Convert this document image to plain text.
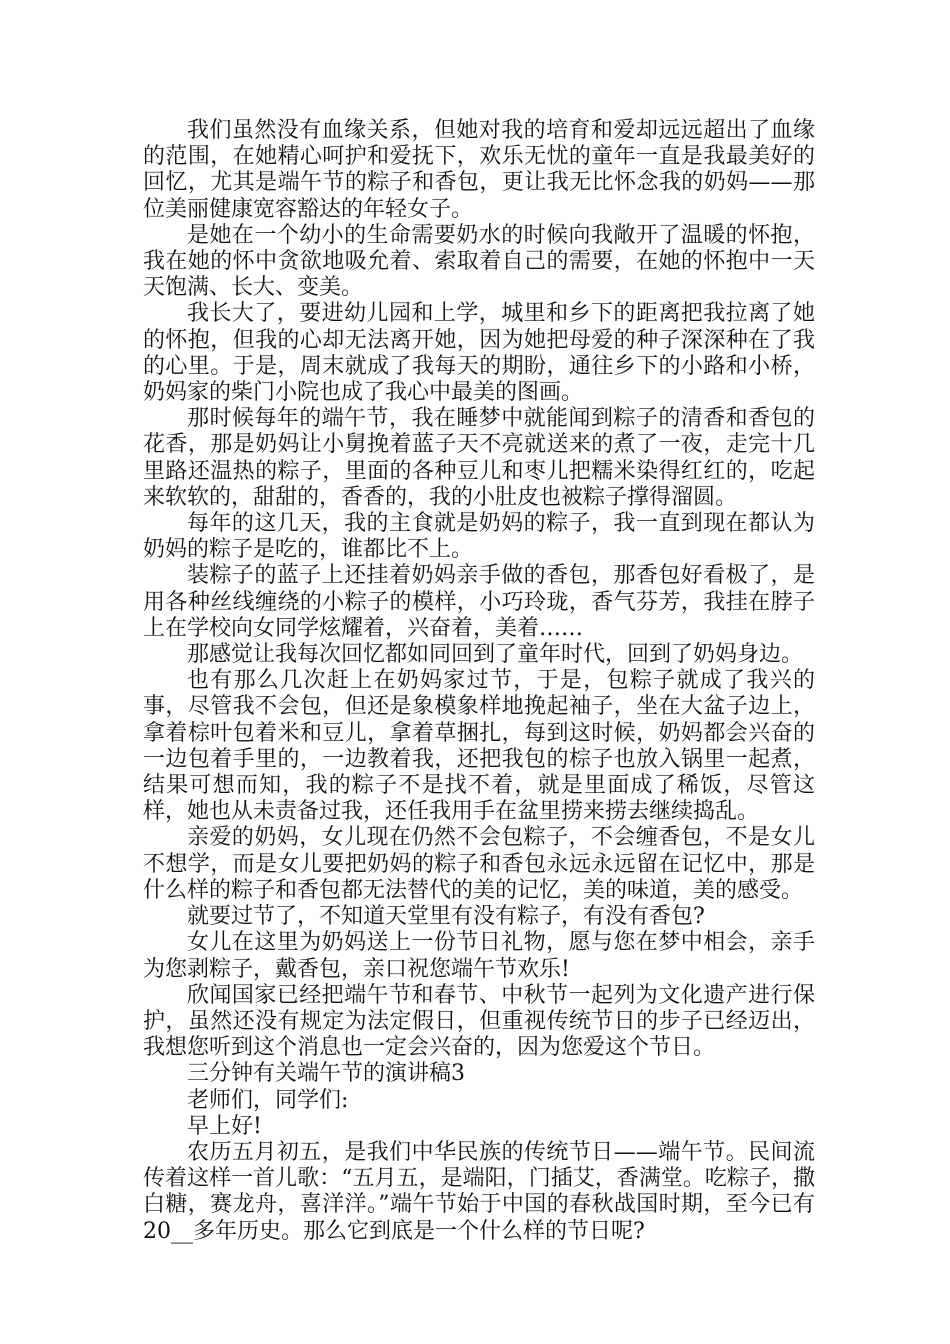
我们虽然没有血缘关系，但她对我的培育和爱却远远超出了血缘的范围，在她精心呵护和爱抚下，欢乐无忧的童年一直是我最美好的回忆，尤其是端午节的粽子和香包，更让我无比怀念我的奶妈——那位美丽健康宽容豁达的年轻女子。

是她在一个幼小的生命需要奶水的时候向我敞开了温暖的怀抱，我在她的怀中贪欲地吸允着、索取着自己的需要，在她的怀抱中一天天饱满、长大、变美。

我长大了，要进幼儿园和上学，城里和乡下的距离把我拉离了她的怀抱，但我的心却无法离开她，因为她把母爱的种子深深种在了我的心里。于是，周末就成了我每天的期盼，通往乡下的小路和小桥，奶妈家的柴门小院也成了我心中最美的图画。

那时候每年的端午节，我在睡梦中就能闻到粽子的清香和香包的花香，那是奶妈让小舅挽着蓝子天不亮就送来的煮了一夜，走完十几里路还温热的粽子，里面的各种豆儿和枣儿把糯米染得红红的，吃起来软软的，甜甜的，香香的，我的小肚皮也被粽子撑得溜圆。

每年的这几天，我的主食就是奶妈的粽子，我一直到现在都认为奶妈的粽子是吃的，谁都比不上。

装粽子的蓝子上还挂着奶妈亲手做的香包，那香包好看极了，是用各种丝线缠绕的小粽子的模样，小巧玲珑，香气芬芳，我挂在脖子上在学校向女同学炫耀着，兴奋着，美着……

那感觉让我每次回忆都如同回到了童年时代，回到了奶妈身边。

也有那么几次赶上在奶妈家过节，于是，包粽子就成了我兴的事，尽管我不会包，但还是象模象样地挽起袖子，坐在大盆子边上，拿着棕叶包着米和豆儿，拿着草捆扎，每到这时候，奶妈都会兴奋的一边包着手里的，一边教着我，还把我包的棕子也放入锅里一起煮，结果可想而知，我的粽子不是找不着，就是里面成了稀饭，尽管这样，她也从未责备过我，还任我用手在盆里捞来捞去继续捣乱。

亲爱的奶妈，女儿现在仍然不会包粽子，不会缠香包，不是女儿不想学，而是女儿要把奶妈的粽子和香包永远永远留在记忆中，那是什么样的粽子和香包都无法替代的美的记忆，美的味道，美的感受。

就要过节了，不知道天堂里有没有粽子，有没有香包?

女儿在这里为奶妈送上一份节日礼物，愿与您在梦中相会，亲手为您剥粽子，戴香包，亲口祝您端午节欢乐!

欣闻国家已经把端午节和春节、中秋节一起列为文化遗产进行保护，虽然还没有规定为法定假日，但重视传统节日的步子已经迈出，我想您听到这个消息也一定会兴奋的，因为您爱这个节日。

三分钟有关端午节的演讲稿3

老师们，同学们:

早上好!

农历五月初五，是我们中华民族的传统节日——端午节。民间流传着这样一首儿歌：“五月五，是端阳，门插艾，香满堂。吃粽子，撒白糖，赛龙舟，喜洋洋。”端午节始于中国的春秋战国时期，至今已有20__多年历史。那么它到底是一个什么样的节日呢?
